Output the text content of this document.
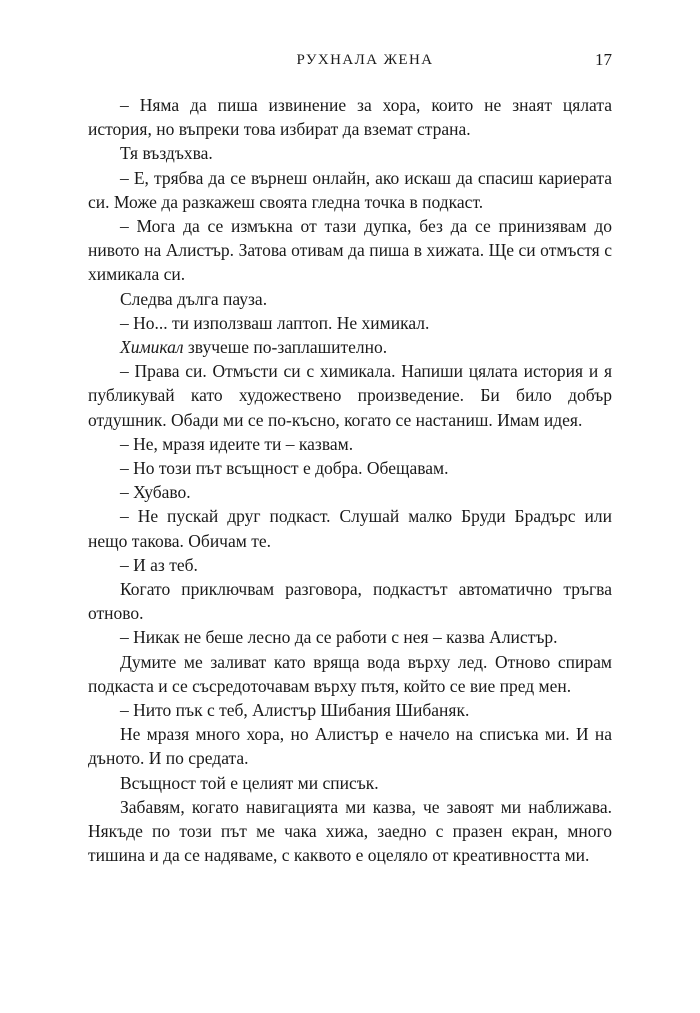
РУХНАЛА ЖЕНА	17

– Няма да пиша извинение за хора, които не знаят цялата история, но въпреки това избират да вземат страна.

Тя въздъхва.

– Е, трябва да се върнеш онлайн, ако искаш да спасиш кариерата си. Може да разкажеш своята гледна точка в подкаст.

– Мога да се измъкна от тази дупка, без да се принизявам до нивото на Алистър. Затова отивам да пиша в хижата. Ще си отмъстя с химикала си.

Следва дълга пауза.

– Но... ти използваш лаптоп. Не химикал.

Химикал звучеше по-заплашително.

– Права си. Отмъсти си с химикала. Напиши цялата история и я публикувай като художествено произведение. Би било добър отдушник. Обади ми се по-късно, когато се настаниш. Имам идея.

– Не, мразя идеите ти – казвам.

– Но този път всъщност е добра. Обещавам.

– Хубаво.

– Не пускай друг подкаст. Слушай малко Бруди Брадърс или нещо такова. Обичам те.

– И аз теб.

Когато приключвам разговора, подкастът автоматично тръгва отново.

– Никак не беше лесно да се работи с нея – казва Алистър.

Думите ме заливат като вряща вода върху лед. Отново спирам подкаста и се съсредоточавам върху пътя, който се вие пред мен.

– Нито пък с теб, Алистър Шибания Шибаняк.

Не мразя много хора, но Алистър е начело на списъка ми. И на дъното. И по средата.

Всъщност той е целият ми списък.

Забавям, когато навигацията ми казва, че завоят ми наближава. Някъде по този път ме чака хижа, заедно с празен екран, много тишина и да се надяваме, с каквото е оцеляло от креативността ми.
